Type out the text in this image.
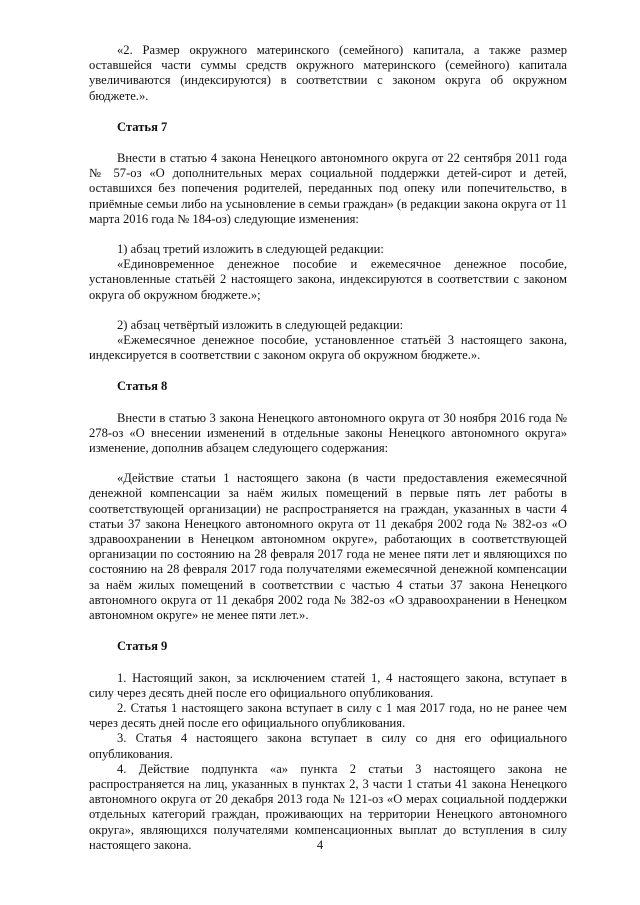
«2. Размер окружного материнского (семейного) капитала, а также размер оставшейся части суммы средств окружного материнского (семейного) капитала увеличиваются (индексируются) в соответствии с законом округа об окружном бюджете.».

Статья 7

Внести в статью 4 закона Ненецкого автономного округа от 22 сентября 2011 года № 57-оз «О дополнительных мерах социальной поддержки детей-сирот и детей, оставшихся без попечения родителей, переданных под опеку или попечительство, в приёмные семьи либо на усыновление в семьи граждан» (в редакции закона округа от 11 марта 2016 года № 184-оз) следующие изменения:

1) абзац третий изложить в следующей редакции:

«Единовременное денежное пособие и ежемесячное денежное пособие, установленные статьёй 2 настоящего закона, индексируются в соответствии с законом округа об окружном бюджете.»;

2) абзац четвёртый изложить в следующей редакции:

«Ежемесячное денежное пособие, установленное статьёй 3 настоящего закона, индексируется в соответствии с законом округа об окружном бюджете.».

Статья 8

Внести в статью 3 закона Ненецкого автономного округа от 30 ноября 2016 года № 278-оз «О внесении изменений в отдельные законы Ненецкого автономного округа» изменение, дополнив абзацем следующего содержания:

«Действие статьи 1 настоящего закона (в части предоставления ежемесячной денежной компенсации за наём жилых помещений в первые пять лет работы в соответствующей организации) не распространяется на граждан, указанных в части 4 статьи 37 закона Ненецкого автономного округа от 11 декабря 2002 года № 382-оз «О здравоохранении в Ненецком автономном округе», работающих в соответствующей организации по состоянию на 28 февраля 2017 года не менее пяти лет и являющихся по состоянию на 28 февраля 2017 года получателями ежемесячной денежной компенсации за наём жилых помещений в соответствии с частью 4 статьи 37 закона Ненецкого автономного округа от 11 декабря 2002 года № 382-оз «О здравоохранении в Ненецком автономном округе» не менее пяти лет.».

Статья 9

1. Настоящий закон, за исключением статей 1, 4 настоящего закона, вступает в силу через десять дней после его официального опубликования.

2. Статья 1 настоящего закона вступает в силу с 1 мая 2017 года, но не ранее чем через десять дней после его официального опубликования.

3. Статья 4 настоящего закона вступает в силу со дня его официального опубликования.

4. Действие подпункта «а» пункта 2 статьи 3 настоящего закона не распространяется на лиц, указанных в пунктах 2, 3 части 1 статьи 41 закона Ненецкого автономного округа от 20 декабря 2013 года № 121-оз «О мерах социальной поддержки отдельных категорий граждан, проживающих на территории Ненецкого автономного округа», являющихся получателями компенсационных выплат до вступления в силу настоящего закона.	4
